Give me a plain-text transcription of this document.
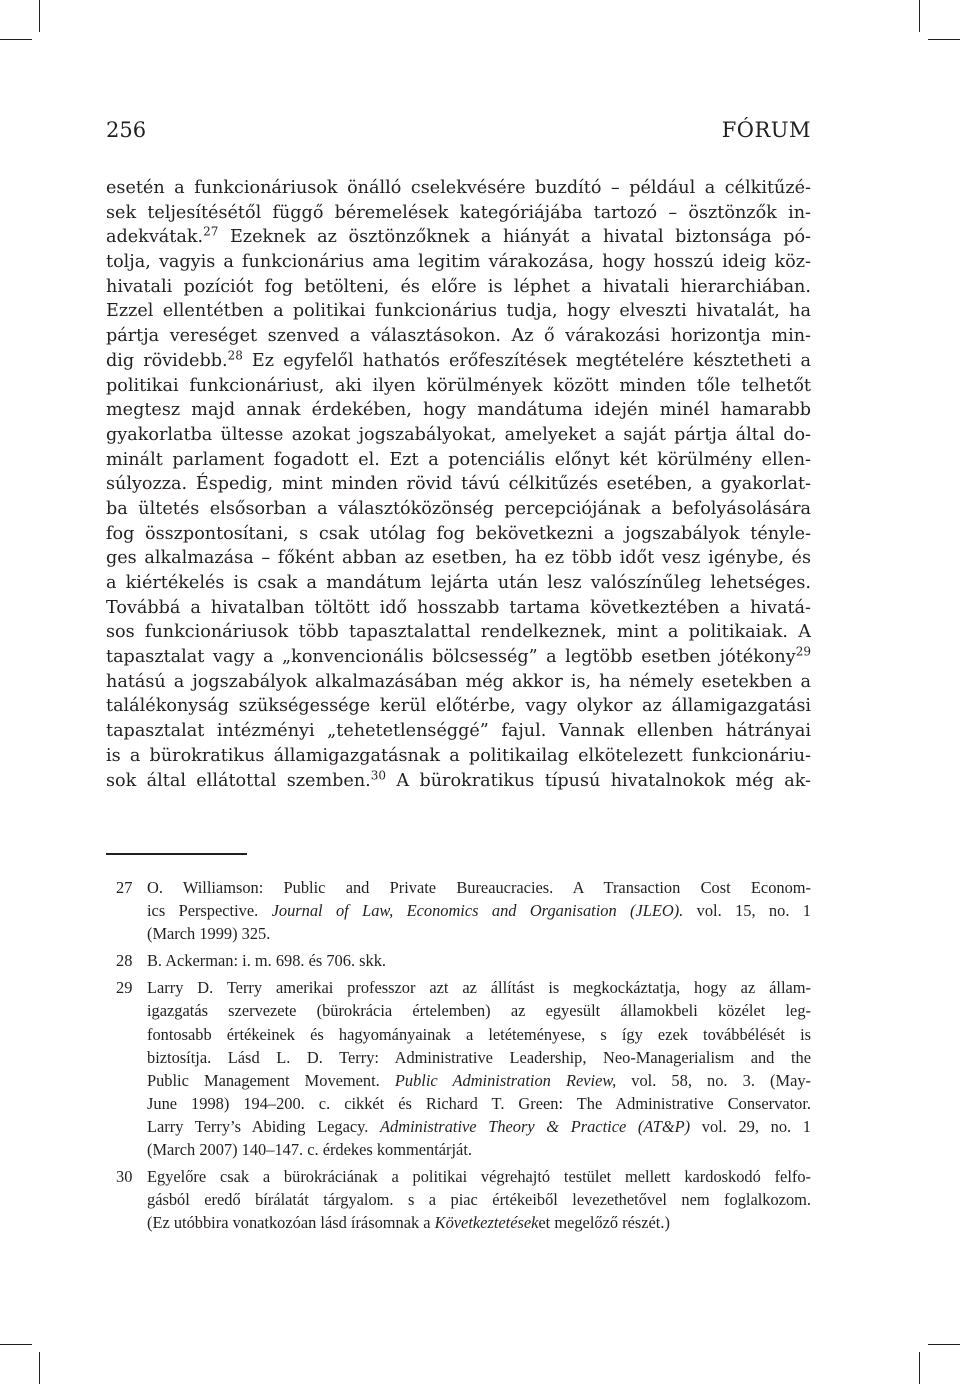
256	FÓRUM
esetén a funkcionáriusok önálló cselekvésére buzdító – például a célkitűzé-
sek teljesítésétől függő béremelések kategóriájába tartozó – ösztönzők in-
adekvátak.$^{27}$ Ezeknek az ösztönzőknek a hiányát a hivatal biztonsága pó-
tolja, vagyis a funkcionárius ama legitim várakozása, hogy hosszú ideig köz-
hivatali pozíciót fog betölteni, és előre is léphet a hivatali hierarchiában.
Ezzel ellentétben a politikai funkcionárius tudja, hogy elveszti hivatalát, ha
pártja vereséget szenved a választásokon. Az ő várakozási horizontja min-
dig rövidebb.$^{28}$ Ez egyfelől hathatós erőfeszítések megtételére késztetheti a
politikai funkcionáriust, aki ilyen körülmények között minden tőle telhetőt
megtesz majd annak érdekében, hogy mandátuma idején minél hamarabb
gyakorlatba ültesse azokat jogszabályokat, amelyeket a saját pártja által do-
minált parlament fogadott el. Ezt a potenciális előnyt két körülmény ellen-
súlyozza. Éspedig, mint minden rövid távú célkitűzés esetében, a gyakorlat-
ba ültetés elsősorban a választóközönség percepciójának a befolyásolására
fog összpontosítani, s csak utólag fog bekövetkezni a jogszabályok tényle-
ges alkalmazása – főként abban az esetben, ha ez több időt vesz igénybe, és
a kiértékelés is csak a mandátum lejárta után lesz valószínűleg lehetséges.
Továbbá a hivatalban töltött idő hosszabb tartama következtében a hivatá-
sos funkcionáriusok több tapasztalattal rendelkeznek, mint a politikaiak. A
tapasztalat vagy a „konvencionális bölcsesség” a legtöbb esetben jótékony$^{29}$
hatású a jogszabályok alkalmazásában még akkor is, ha némely esetekben a
találékonyság szükségessége kerül előtérbe, vagy olykor az államigazgatási
tapasztalat intézményi „tehetetlenséggé” fajul. Vannak ellenben hátrányai
is a bürokratikus államigazgatásnak a politikailag elkötelezett funkcionáriu-
sok által ellátottal szemben.$^{30}$ A bürokratikus típusú hivatalnokok még ak-
27 O. Williamson: Public and Private Bureaucracies. A Transaction Cost Econom-
ics Perspective. Journal of Law, Economics and Organisation (JLEO). vol. 15, no. 1
(March 1999) 325.
28 B. Ackerman: i. m. 698. és 706. skk.
29 Larry D. Terry amerikai professzor azt az állítást is megkockáztatja, hogy az állam-
igazgatás szervezete (bürokrácia értelemben) az egyesült államokbeli közélet leg-
fontosabb értékeinek és hagyományainak a letéteményese, s így ezek továbbélését is
biztosítja. Lásd L. D. Terry: Administrative Leadership, Neo-Managerialism and the
Public Management Movement. Public Administration Review, vol. 58, no. 3. (May-
June 1998) 194–200. c. cikkét és Richard T. Green: The Administrative Conservator.
Larry Terry’s Abiding Legacy. Administrative Theory & Practice (AT&P) vol. 29, no. 1
(March 2007) 140–147. c. érdekes kommentárját.
30 Egyelőre csak a bürokráciának a politikai végrehajtó testület mellett kardoskodó felfo-
gásból eredő bírálatát tárgyalom. s a piac értékeiből levezethetővel nem foglalkozom.
(Ez utóbbira vonatkozóan lásd írásomnak a Következtetéseket megelőző részét.)
